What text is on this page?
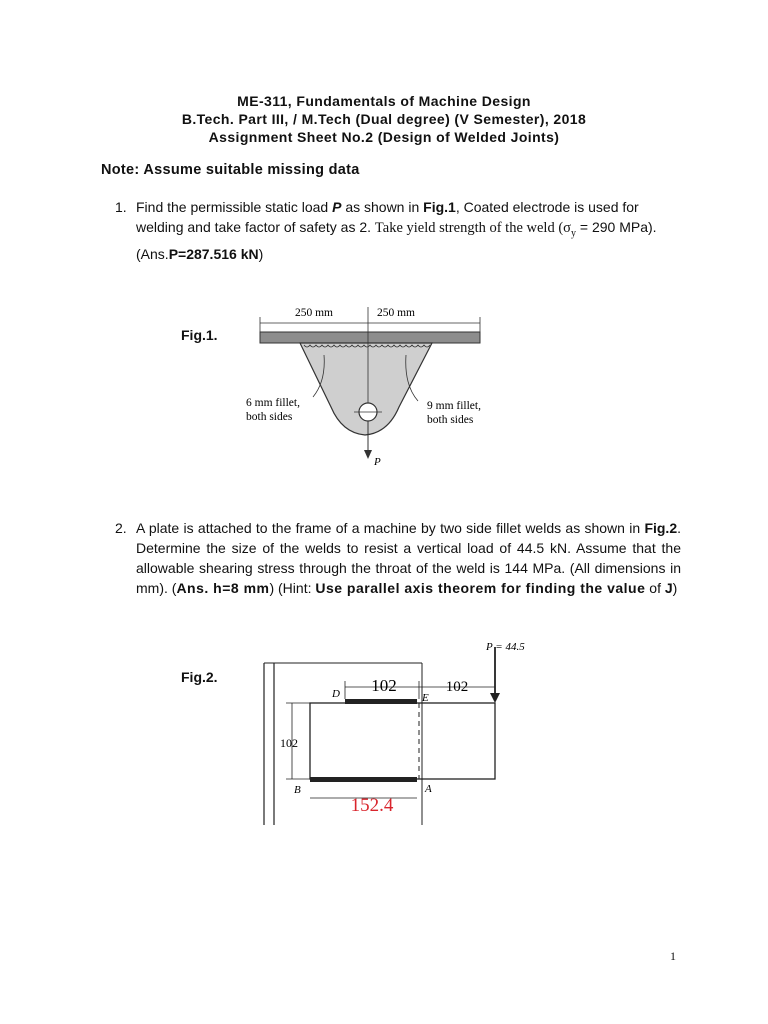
ME-311, Fundamentals of Machine Design
B.Tech. Part III, / M.Tech (Dual degree) (V Semester), 2018
Assignment Sheet No.2 (Design of Welded Joints)
Note: Assume suitable missing data
1. Find the permissible static load P as shown in Fig.1, Coated electrode is used for welding and take factor of safety as 2. Take yield strength of the weld ($\sigma_y = 290$ MPa). (Ans.P=287.516 kN)
Fig.1.
250 mm	250 mm
P
6 mm fillet,
both sides
9 mm fillet,
both sides
2. A plate is attached to the frame of a machine by two side fillet welds as shown in Fig.2. Determine the size of the welds to resist a vertical load of 44.5 kN. Assume that the allowable shearing stress through the throat of the weld is 144 MPa. (All dimensions in mm). (Ans. h=8 mm) (Hint: Use parallel axis theorem for finding the value of J)
Fig.2.	102	102
P = 44.5
102
152.4
D	E
B	A
1
